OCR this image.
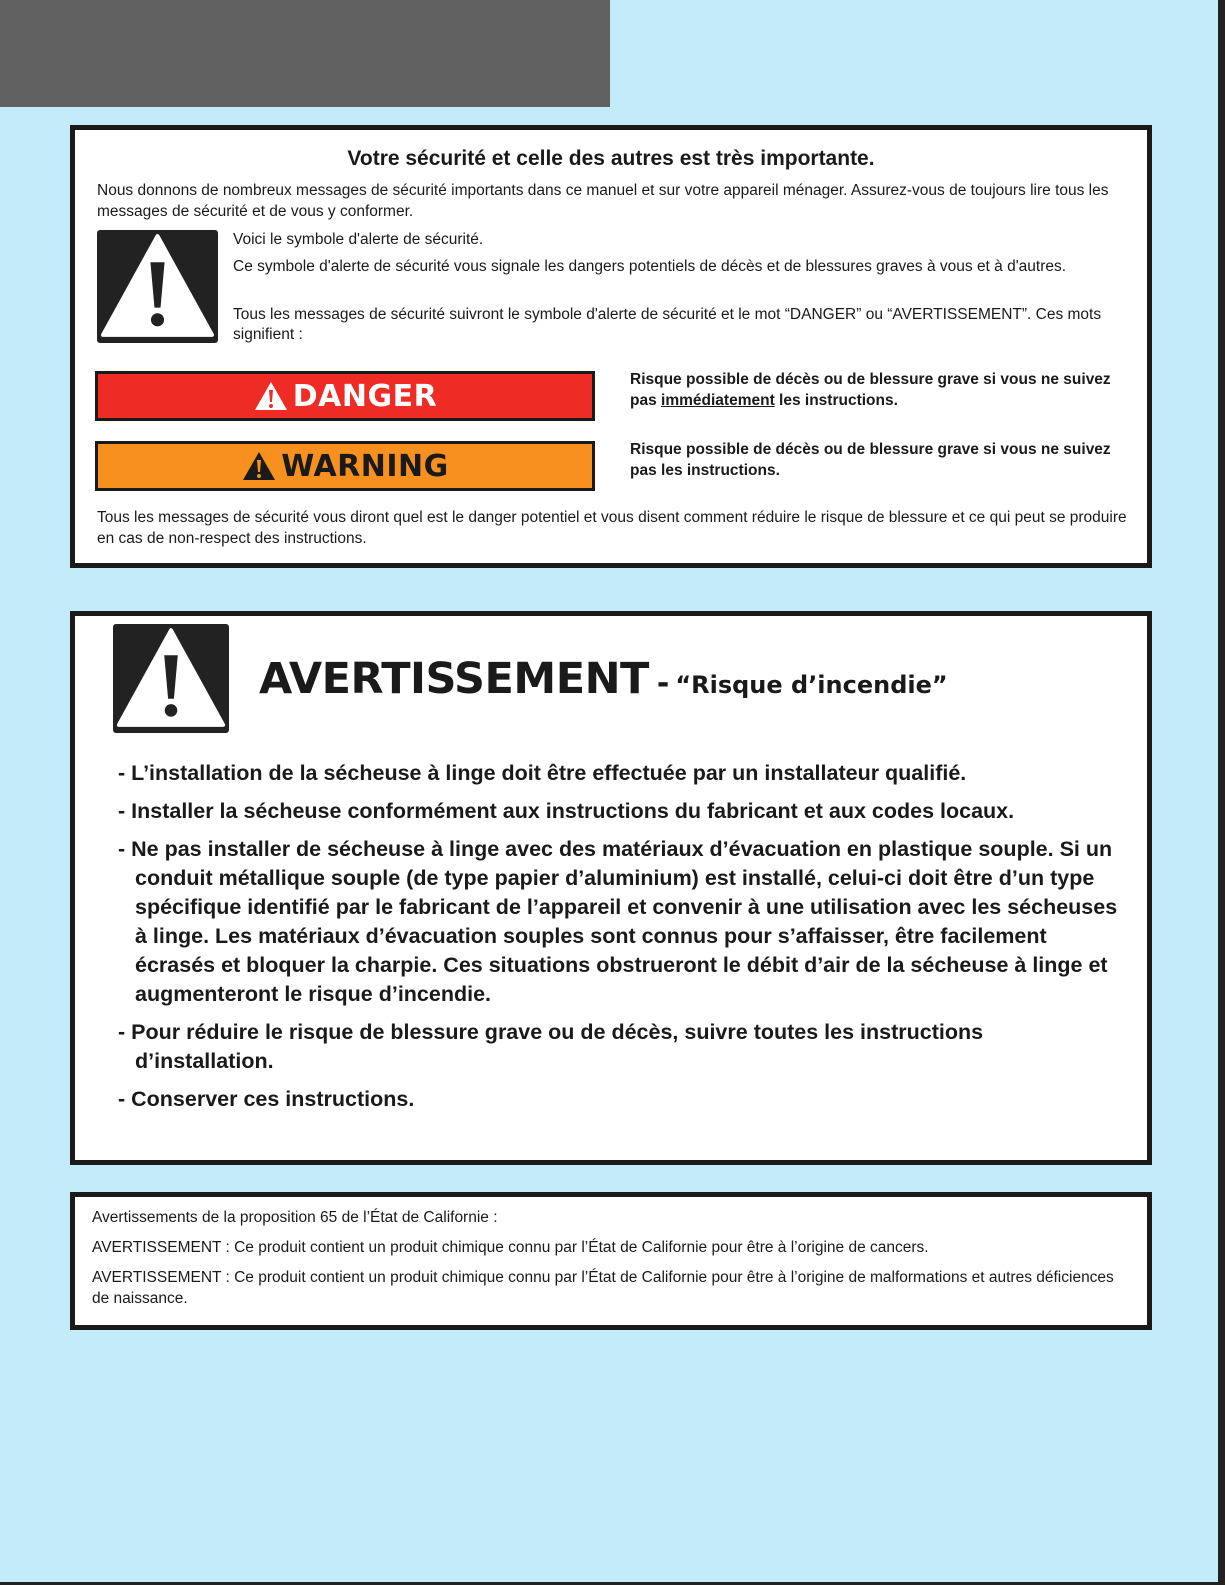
Votre sécurité et celle des autres est très importante.

Nous donnons de nombreux messages de sécurité importants dans ce manuel et sur votre appareil ménager. Assurez-vous de toujours lire tous les messages de sécurité et de vous y conformer.

Voici le symbole d'alerte de sécurité.

Ce symbole d'alerte de sécurité vous signale les dangers potentiels de décès et de blessures graves à vous et à d'autres.

Tous les messages de sécurité suivront le symbole d'alerte de sécurité et le mot “DANGER” ou “AVERTISSEMENT”. Ces mots signifient :

DANGER	Risque possible de décès ou de blessure grave si vous ne suivez pas immédiatement les instructions.

WARNING	Risque possible de décès ou de blessure grave si vous ne suivez pas les instructions.

Tous les messages de sécurité vous diront quel est le danger potentiel et vous disent comment réduire le risque de blessure et ce qui peut se produire en cas de non-respect des instructions.

AVERTISSEMENT - “Risque d’incendie”
- L’installation de la sécheuse à linge doit être effectuée par un installateur qualifié.
- Installer la sécheuse conformément aux instructions du fabricant et aux codes locaux.
- Ne pas installer de sécheuse à linge avec des matériaux d’évacuation en plastique souple. Si un conduit métallique souple (de type papier d’aluminium) est installé, celui-ci doit être d’un type spécifique identifié par le fabricant de l’appareil et convenir à une utilisation avec les sécheuses à linge. Les matériaux d’évacuation souples sont connus pour s’affaisser, être facilement écrasés et bloquer la charpie. Ces situations obstrueront le débit d’air de la sécheuse à linge et augmenteront le risque d’incendie.
- Pour réduire le risque de blessure grave ou de décès, suivre toutes les instructions d’installation.
- Conserver ces instructions.

Avertissements de la proposition 65 de l’État de Californie :

AVERTISSEMENT : Ce produit contient un produit chimique connu par l’État de Californie pour être à l’origine de cancers.

AVERTISSEMENT : Ce produit contient un produit chimique connu par l’État de Californie pour être à l’origine de malformations et autres déficiences de naissance.
